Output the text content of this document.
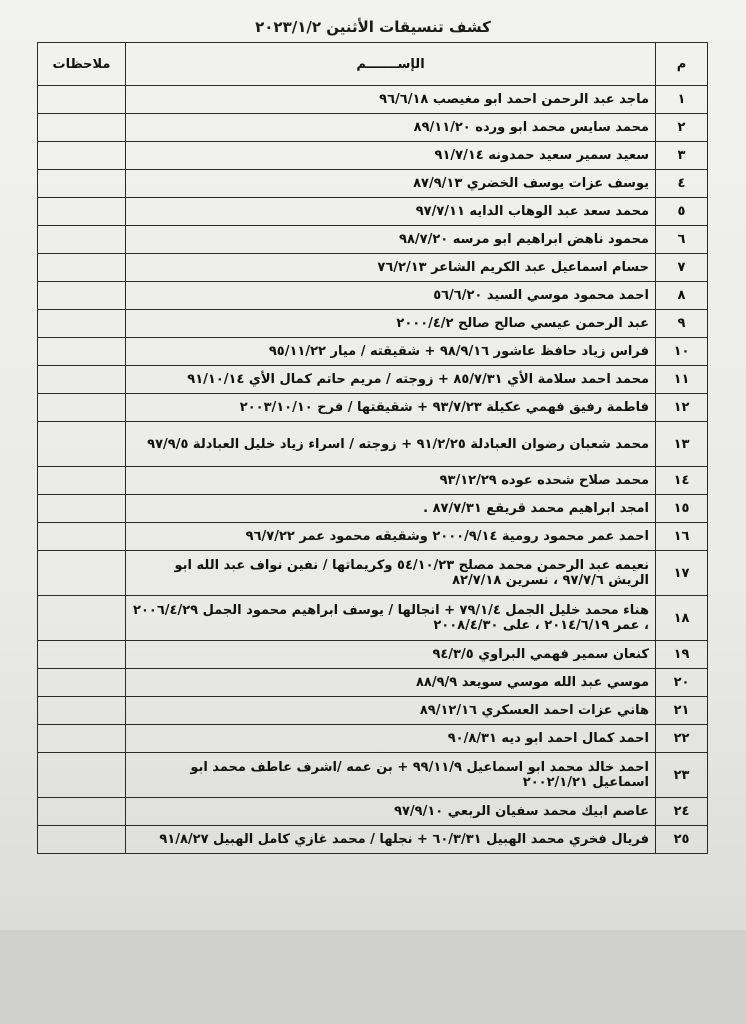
كشف تنسيقات الأثنين ٢٠٢٣/١/٢
م	الإســـــــم	ملاحظات
١	ماجد عبد الرحمن احمد ابو مغيصب ٩٦/٦/١٨	
٢	محمد سايس محمد ابو ورده ٨٩/١١/٢٠	
٣	سعيد سمير سعيد حمدونه ٩١/٧/١٤	
٤	يوسف عزات يوسف الخضري ٨٧/٩/١٣	
٥	محمد سعد عبد الوهاب الدايه ٩٧/٧/١١	
٦	محمود ناهض ابراهيم ابو مرسه ٩٨/٧/٢٠	
٧	حسام اسماعيل عبد الكريم الشاعر ٧٦/٢/١٣	
٨	احمد محمود موسي السيد ٥٦/٦/٢٠	
٩	عبد الرحمن عيسي صالح صالح ٢٠٠٠/٤/٢	
١٠	فراس زياد حافظ عاشور ٩٨/٩/١٦ + شقيقته / ميار ٩٥/١١/٢٢	
١١	محمد احمد سلامة الأي ٨٥/٧/٣١ + زوجته / مريم حاتم كمال الأي ٩١/١٠/١٤	
١٢	فاطمة رفيق فهمي عكيلة ٩٣/٧/٢٣ + شقيقتها / فرح ٢٠٠٣/١٠/١٠	
١٣	محمد شعبان رضوان العبادلة ٩١/٢/٢٥ + زوجته / اسراء زياد خليل العبادلة ٩٧/٩/٥	
١٤	محمد صلاح شحده عوده ٩٣/١٢/٢٩	
١٥	امجد ابراهيم محمد قريقع ٨٧/٧/٣١ .	
١٦	احمد عمر محمود رومية ٢٠٠٠/٩/١٤ وشقيقه محمود عمر ٩٦/٧/٢٢	
١٧	نعيمه عبد الرحمن محمد مصلح ٥٤/١٠/٢٣ وكريماتها / نفين نواف عبد الله ابو الريش ٩٧/٧/٦ ، نسرين ٨٢/٧/١٨	
١٨	هناء محمد خليل الجمل ٧٩/١/٤ + انجالها / يوسف ابراهيم محمود الجمل ٢٠٠٦/٤/٢٩ ، عمر ٢٠١٤/٦/١٩ ، على ٢٠٠٨/٤/٣٠	
١٩	كنعان سمير فهمي البراوي ٩٤/٣/٥	
٢٠	موسي عبد الله موسي سويعد ٨٨/٩/٩	
٢١	هاني عزات احمد العسكري ٨٩/١٢/١٦	
٢٢	احمد كمال احمد ابو ديه ٩٠/٨/٣١	
٢٣	احمد خالد محمد ابو اسماعيل ٩٩/١١/٩ + بن عمه /اشرف عاطف محمد ابو اسماعيل ٢٠٠٢/١/٢١	
٢٤	عاصم ابيك محمد سفيان الربعي ٩٧/٩/١٠	
٢٥	فريال فخري محمد الهبيل ٦٠/٣/٣١ + نجلها / محمد غازي كامل الهبيل ٩١/٨/٢٧	
